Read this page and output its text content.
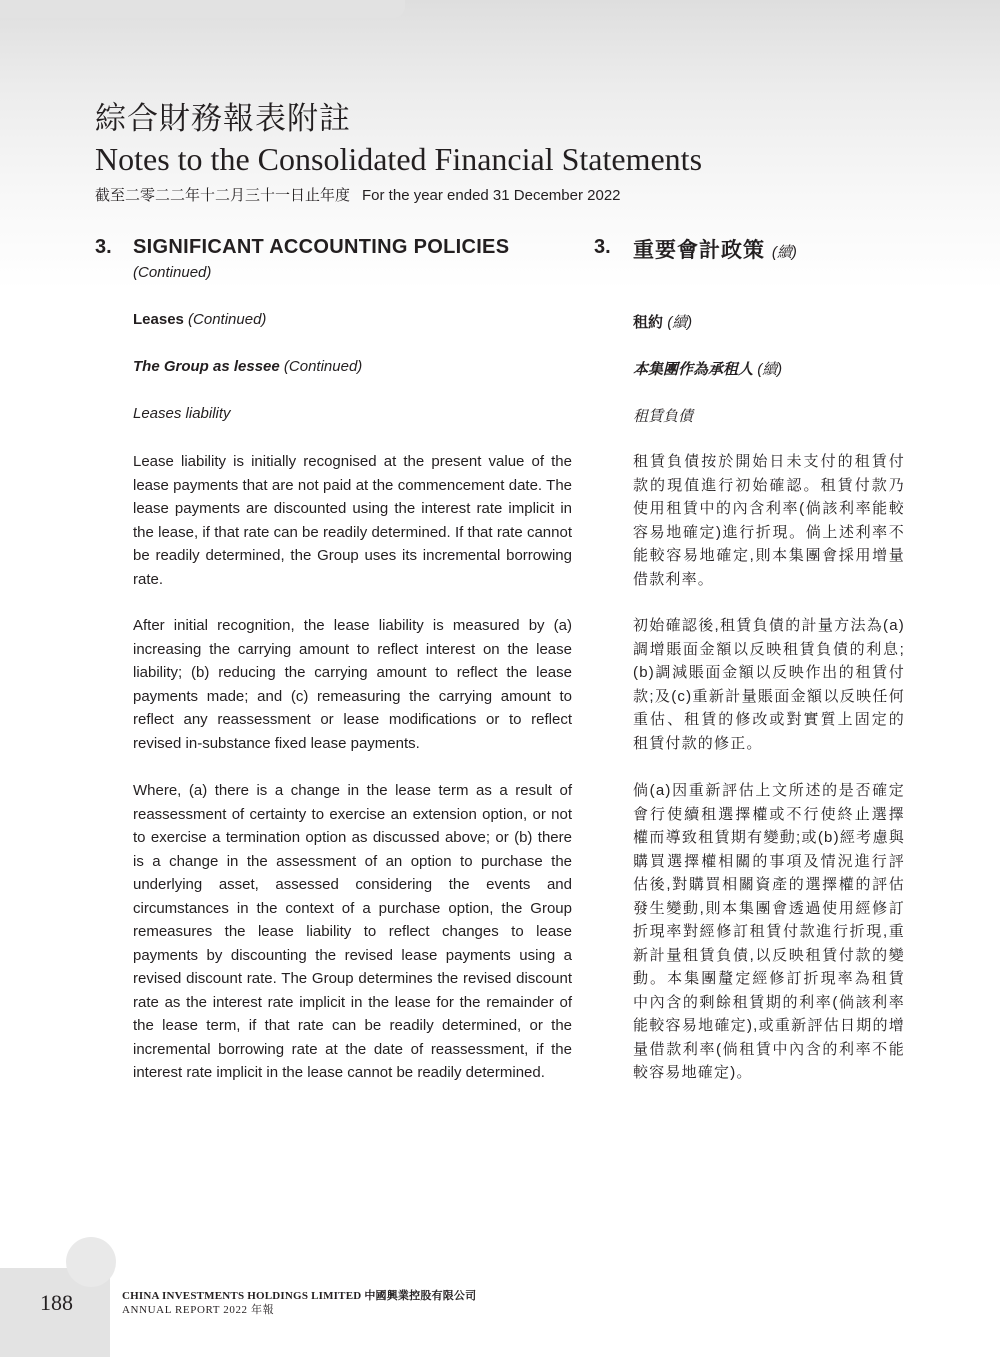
綜合財務報表附註
Notes to the Consolidated Financial Statements
截至二零二二年十二月三十一日止年度 For the year ended 31 December 2022
3. SIGNIFICANT ACCOUNTING POLICIES
(Continued)
Leases (Continued)
The Group as lessee (Continued)
Leases liability

Lease liability is initially recognised at the present value of the lease payments that are not paid at the commencement date. The lease payments are discounted using the interest rate implicit in the lease, if that rate can be readily determined. If that rate cannot be readily determined, the Group uses its incremental borrowing rate.

After initial recognition, the lease liability is measured by (a) increasing the carrying amount to reflect interest on the lease liability; (b) reducing the carrying amount to reflect the lease payments made; and (c) remeasuring the carrying amount to reflect any reassessment or lease modifications or to reflect revised in-substance fixed lease payments.

Where, (a) there is a change in the lease term as a result of reassessment of certainty to exercise an extension option, or not to exercise a termination option as discussed above; or (b) there is a change in the assessment of an option to purchase the underlying asset, assessed considering the events and circumstances in the context of a purchase option, the Group remeasures the lease liability to reflect changes to lease payments by discounting the revised lease payments using a revised discount rate. The Group determines the revised discount rate as the interest rate implicit in the lease for the remainder of the lease term, if that rate can be readily determined, or the incremental borrowing rate at the date of reassessment, if the interest rate implicit in the lease cannot be readily determined.

3. 重要會計政策 (續)
租約 (續)
本集團作為承租人 (續)
租賃負債

租賃負債按於開始日未支付的租賃付款的現值進行初始確認。租賃付款乃使用租賃中的內含利率(倘該利率能較容易地確定)進行折現。倘上述利率不能較容易地確定,則本集團會採用增量借款利率。

初始確認後,租賃負債的計量方法為(a)調增賬面金額以反映租賃負債的利息;(b)調減賬面金額以反映作出的租賃付款;及(c)重新計量賬面金額以反映任何重估、租賃的修改或對實質上固定的租賃付款的修正。

倘(a)因重新評估上文所述的是否確定會行使續租選擇權或不行使終止選擇權而導致租賃期有變動;或(b)經考慮與購買選擇權相關的事項及情況進行評估後,對購買相關資產的選擇權的評估發生變動,則本集團會透過使用經修訂折現率對經修訂租賃付款進行折現,重新計量租賃負債,以反映租賃付款的變動。本集團釐定經修訂折現率為租賃中內含的剩餘租賃期的利率(倘該利率能較容易地確定),或重新評估日期的增量借款利率(倘租賃中內含的利率不能較容易地確定)。

188	CHINA INVESTMENTS HOLDINGS LIMITED 中國興業控股有限公司
ANNUAL REPORT 2022 年報
